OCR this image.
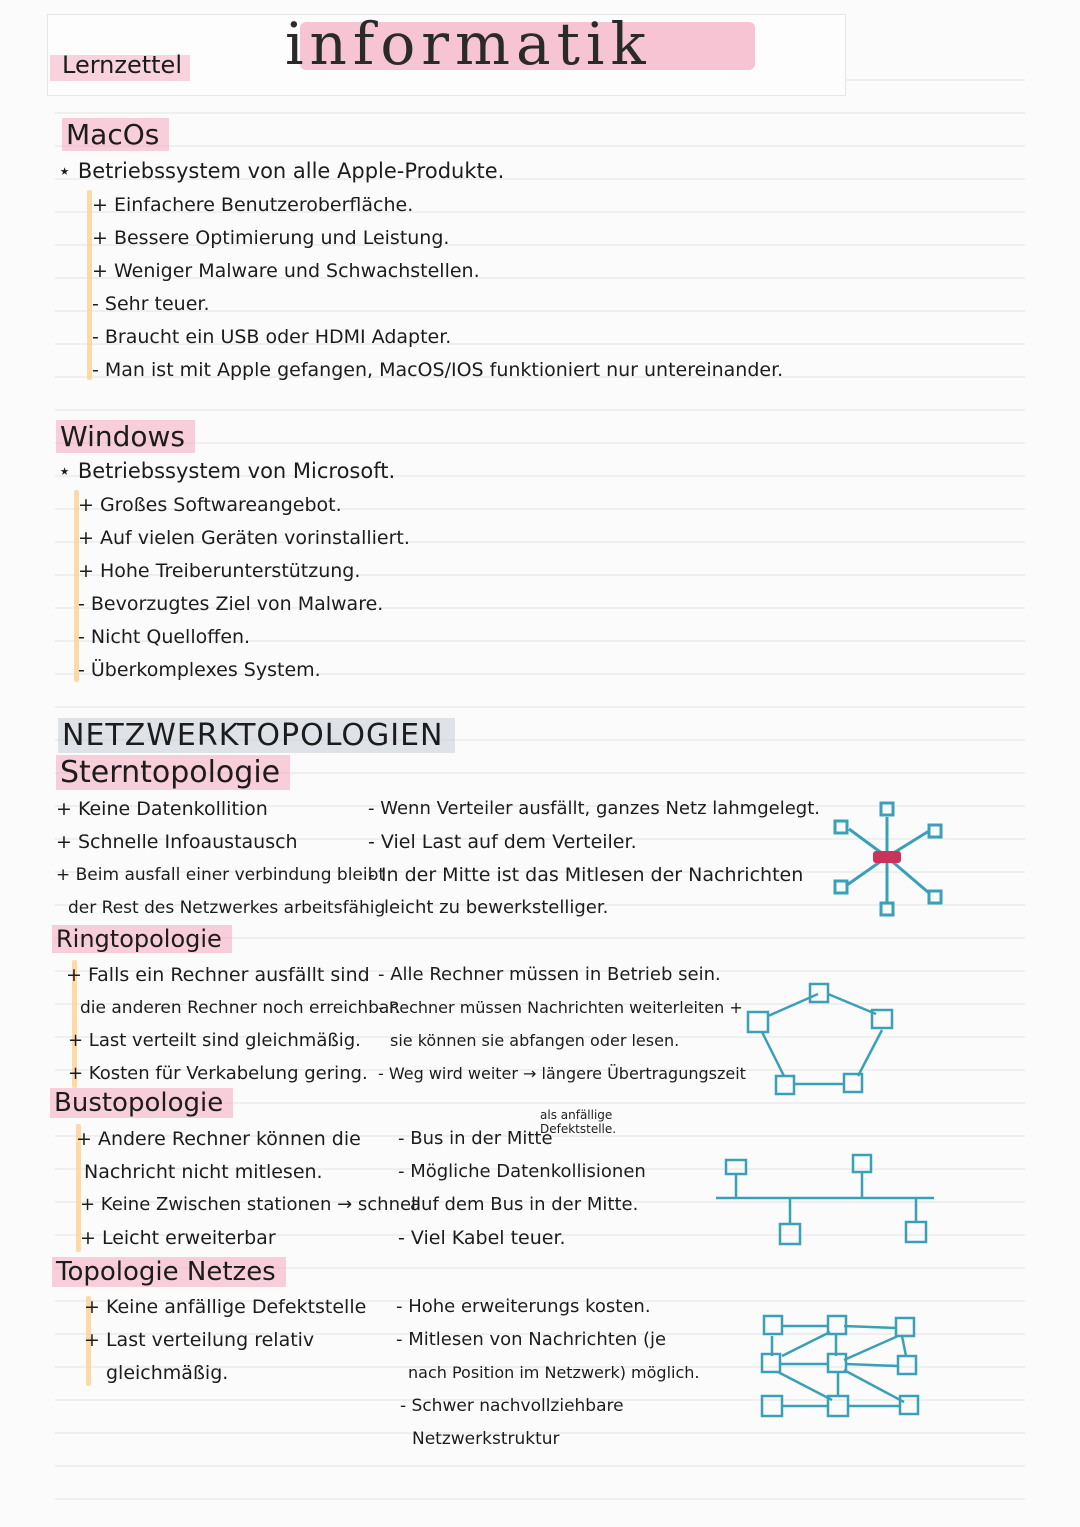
Lernzettel informatik
MacOs
⋆ Betriebssystem von alle Apple-Produkte.
+ Einfachere Benutzeroberfläche.
+ Bessere Optimierung und Leistung.
+ Weniger Malware und Schwachstellen.
- Sehr teuer.
- Braucht ein USB oder HDMI Adapter.
- Man ist mit Apple gefangen, MacOS/IOS funktioniert nur untereinander.
Windows
⋆ Betriebssystem von Microsoft.
+ Großes Softwareangebot.
+ Auf vielen Geräten vorinstalliert.
+ Hohe Treiberunterstützung.
- Bevorzugtes Ziel von Malware.
- Nicht Quelloffen.
- Überkomplexes System.
NETZWERKTOPOLOGIEN
Sterntopologie
+ Keine Datenkollition
+ Schnelle Infoaustausch
+ Beim ausfall einer verbindung bleibt
der Rest des Netzwerkes arbeitsfähig
- Wenn Verteiler ausfällt, ganzes Netz lahmgelegt.
- Viel Last auf dem Verteiler.
- In der Mitte ist das Mitlesen der Nachrichten
leicht zu bewerkstelliger.
Ringtopologie
+ Falls ein Rechner ausfällt sind
die anderen Rechner noch erreichbar.
+ Last verteilt sind gleichmäßig.
+ Kosten für Verkabelung gering.
- Alle Rechner müssen in Betrieb sein.
- Rechner müssen Nachrichten weiterleiten +
sie können sie abfangen oder lesen.
- Weg wird weiter → längere Übertragungszeit
Bustopologie
+ Andere Rechner können die
Nachricht nicht mitlesen.
+ Keine Zwischen stationen → schnell
+ Leicht erweiterbar
als anfällige Defektstelle.
- Bus in der Mitte
- Mögliche Datenkollisionen
auf dem Bus in der Mitte.
- Viel Kabel teuer.
Topologie Netzes
+ Keine anfällige Defektstelle
+ Last verteilung relativ
gleichmäßig.
- Hohe erweiterungs kosten.
- Mitlesen von Nachrichten (je
nach Position im Netzwerk) möglich.
- Schwer nachvollziehbare
Netzwerkstruktur
